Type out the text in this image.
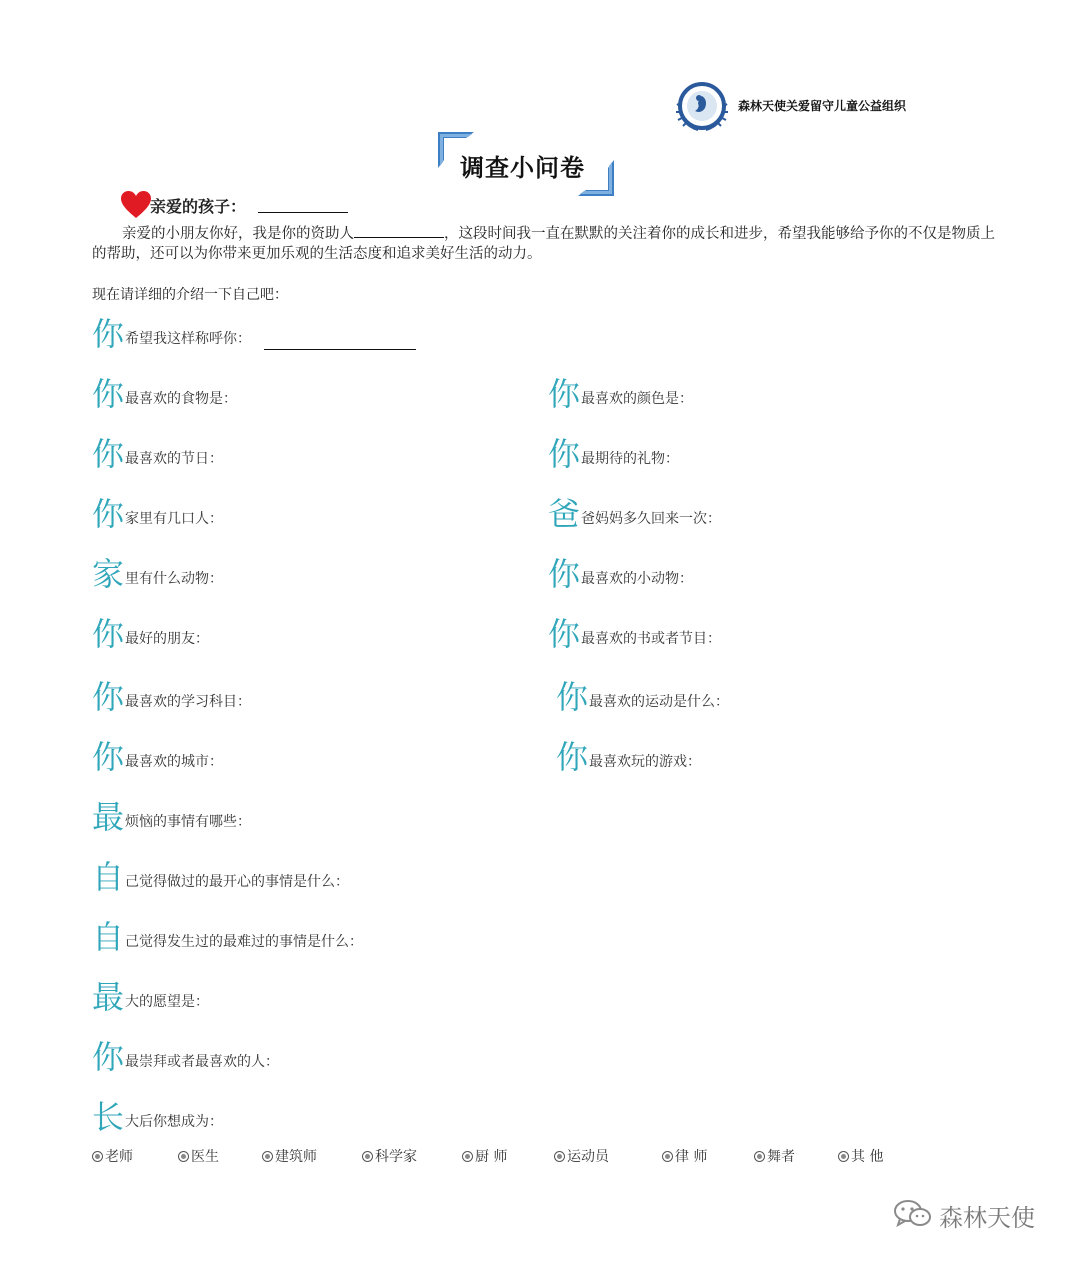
森林天使关爱留守儿童公益组织
调查小问卷
亲爱的孩子：

亲爱的小朋友你好，我是你的资助人	，这段时间我一直在默默的关注着你的成长和进步，希望我能够给予你的不仅是物质上的帮助，还可以为你带来更加乐观的生活态度和追求美好生活的动力。

现在请详细的介绍一下自己吧：
你 希望我这样称呼你：
你 最喜欢的食物是：	你 最喜欢的颜色是：
你 最喜欢的节日：	你 最期待的礼物：
你 家里有几口人：	爸 爸妈妈多久回来一次：
家 里有什么动物：	你 最喜欢的小动物：
你 最好的朋友：	你 最喜欢的书或者节目：
你 最喜欢的学习科目：	你 最喜欢的运动是什么：
你 最喜欢的城市：	你 最喜欢玩的游戏：
最 烦恼的事情有哪些：
自 己觉得做过的最开心的事情是什么：
自 己觉得发生过的最难过的事情是什么：
最 大的愿望是：
你 最崇拜或者最喜欢的人：
长 大后你想成为：
老师	医生	建筑师	科学家	厨 师	运动员	律 师	舞者	其 他
森林天使
